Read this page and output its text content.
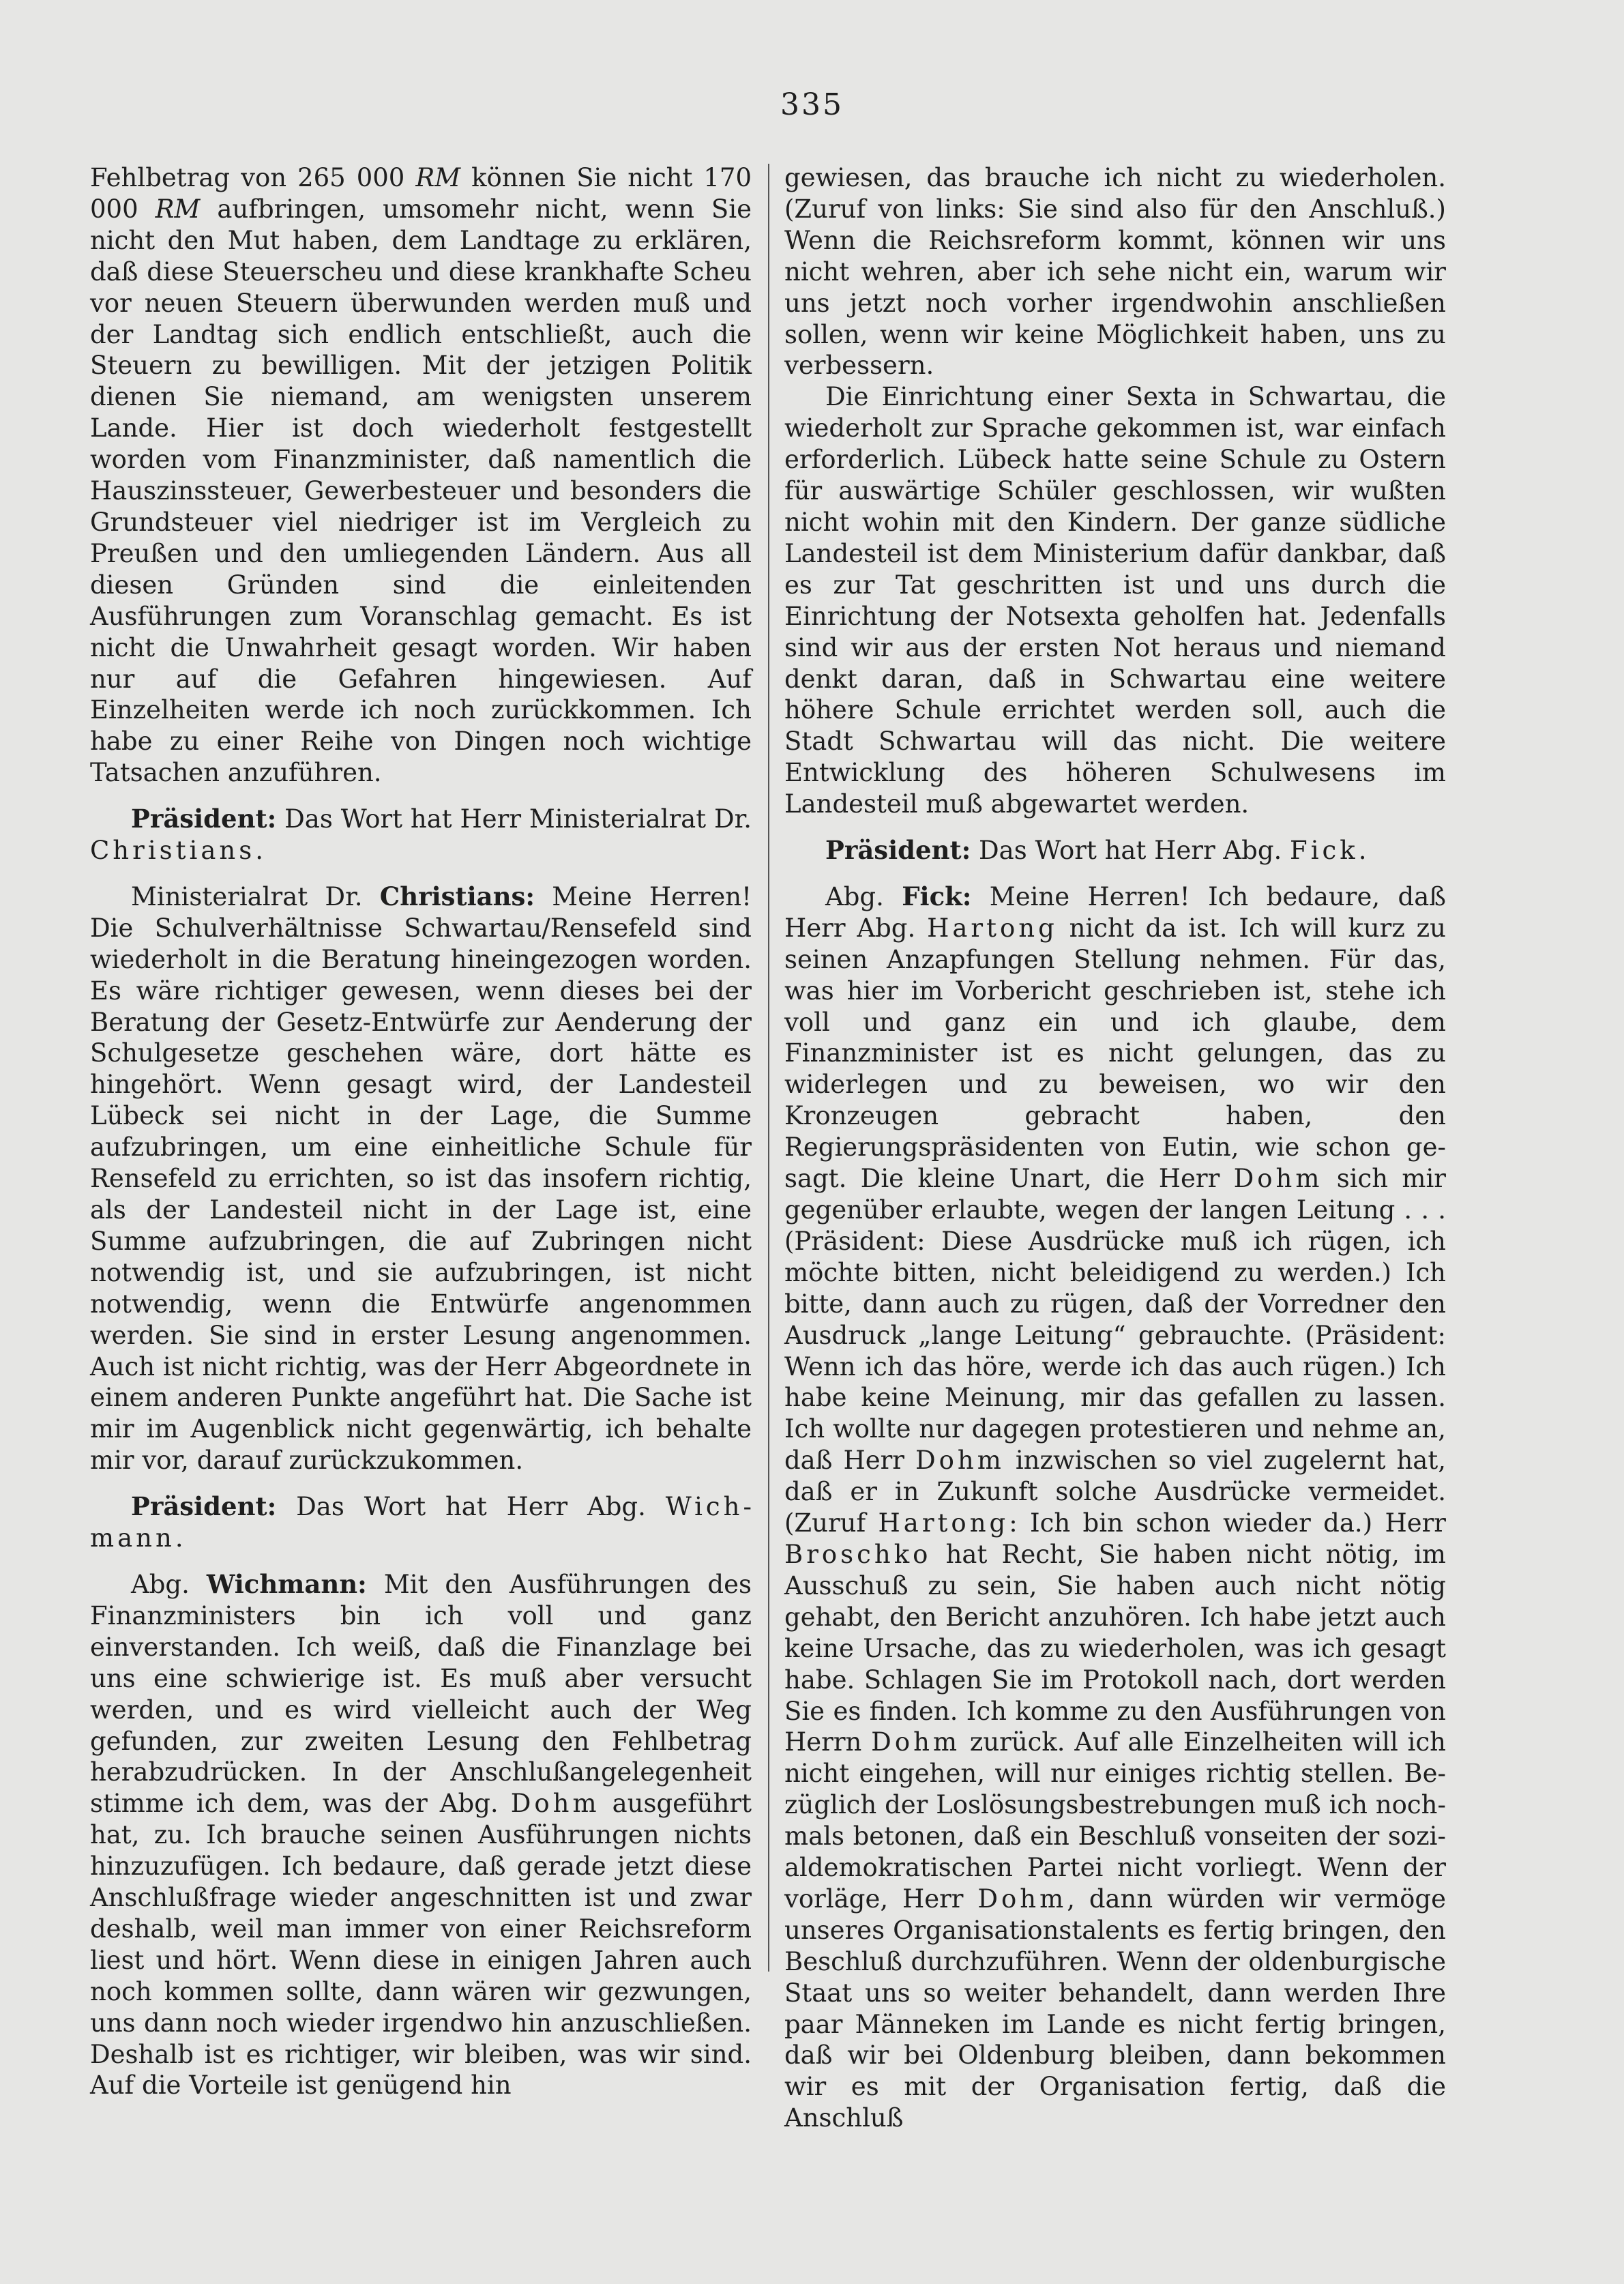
335

Fehlbetrag von 265 000 RM können Sie nicht 170 000 RM aufbringen, umsomehr nicht, wenn Sie nicht den Mut haben, dem Landtage zu erklären, daß diese Steuerscheu und diese krankhafte Scheu vor neuen Steuern überwunden werden muß und der Landtag sich endlich entschließt, auch die Steuern zu bewilligen. Mit der jetzigen Politik dienen Sie niemand, am wenigsten unserem Lande. Hier ist doch wiederholt festgestellt worden vom Finanzminister, daß namentlich die Hauszinssteuer, Gewerbesteuer und besonders die Grundsteuer viel niedriger ist im Vergleich zu Preußen und den umliegenden Ländern. Aus all diesen Gründen sind die einleitenden Ausführungen zum Voranschlag gemacht. Es ist nicht die Unwahrheit gesagt worden. Wir haben nur auf die Gefahren hingewiesen. Auf Einzelheiten werde ich noch zurückkommen. Ich habe zu einer Reihe von Dingen noch wichtige Tatsachen anzuführen.

Präsident: Das Wort hat Herr Ministerialrat Dr. Christians.

Ministerialrat Dr. Christians: Meine Herren! Die Schulverhältnisse Schwartau/Rensefeld sind wiederholt in die Beratung hineingezogen worden. Es wäre richtiger gewesen, wenn dieses bei der Beratung der Gesetz-Entwürfe zur Aenderung der Schulgesetze geschehen wäre, dort hätte es hingehört. Wenn gesagt wird, der Landesteil Lübeck sei nicht in der Lage, die Summe aufzubringen, um eine einheitliche Schule für Rensefeld zu errichten, so ist das insofern richtig, als der Landesteil nicht in der Lage ist, eine Summe aufzubringen, die auf Zubringen nicht notwendig ist, und sie aufzubringen, ist nicht notwendig, wenn die Entwürfe angenommen werden. Sie sind in erster Lesung angenommen. Auch ist nicht richtig, was der Herr Abgeordnete in einem anderen Punkte angeführt hat. Die Sache ist mir im Augenblick nicht gegenwärtig, ich behalte mir vor, darauf zurückzukommen.

Präsident: Das Wort hat Herr Abg. Wichmann.

Abg. Wichmann: Mit den Ausführungen des Finanzministers bin ich voll und ganz einverstanden. Ich weiß, daß die Finanzlage bei uns eine schwierige ist. Es muß aber versucht werden, und es wird vielleicht auch der Weg gefunden, zur zweiten Lesung den Fehlbetrag herabzudrücken. In der Anschlußangelegenheit stimme ich dem, was der Abg. Dohm ausgeführt hat, zu. Ich brauche seinen Ausführungen nichts hinzuzufügen. Ich bedaure, daß gerade jetzt diese Anschlußfrage wieder angeschnitten ist und zwar deshalb, weil man immer von einer Reichsreform liest und hört. Wenn diese in einigen Jahren auch noch kommen sollte, dann wären wir gezwungen, uns dann noch wieder irgendwo hin anzuschließen. Deshalb ist es richtiger, wir bleiben, was wir sind. Auf die Vorteile ist genügend hin

gewiesen, das brauche ich nicht zu wiederholen. (Zuruf von links: Sie sind also für den Anschluß.) Wenn die Reichsreform kommt, können wir uns nicht wehren, aber ich sehe nicht ein, warum wir uns jetzt noch vorher irgendwohin anschließen sollen, wenn wir keine Möglichkeit haben, uns zu verbessern.

Die Einrichtung einer Sexta in Schwartau, die wiederholt zur Sprache gekommen ist, war einfach erforderlich. Lübeck hatte seine Schule zu Ostern für auswärtige Schüler geschlossen, wir wußten nicht wohin mit den Kindern. Der ganze südliche Landesteil ist dem Ministerium dafür dankbar, daß es zur Tat geschritten ist und uns durch die Einrichtung der Notsexta geholfen hat. Jedenfalls sind wir aus der ersten Not heraus und niemand denkt daran, daß in Schwartau eine weitere höhere Schule errichtet werden soll, auch die Stadt Schwartau will das nicht. Die weitere Entwicklung des höheren Schulwesens im Landesteil muß abgewartet werden.

Präsident: Das Wort hat Herr Abg. Fick.

Abg. Fick: Meine Herren! Ich bedaure, daß Herr Abg. Hartong nicht da ist. Ich will kurz zu seinen Anzapfungen Stellung nehmen. Für das, was hier im Vorbericht geschrieben ist, stehe ich voll und ganz ein und ich glaube, dem Finanzminister ist es nicht gelungen, das zu widerlegen und zu beweisen, wo wir den Kronzeugen gebracht haben, den Regierungspräsidenten von Eutin, wie schon gesagt. Die kleine Unart, die Herr Dohm sich mir gegenüber erlaubte, wegen der langen Leitung . . . (Präsident: Diese Ausdrücke muß ich rügen, ich möchte bitten, nicht beleidigend zu werden.) Ich bitte, dann auch zu rügen, daß der Vorredner den Ausdruck „lange Leitung“ gebrauchte. (Präsident: Wenn ich das höre, werde ich das auch rügen.) Ich habe keine Meinung, mir das gefallen zu lassen. Ich wollte nur dagegen protestieren und nehme an, daß Herr Dohm inzwischen so viel zugelernt hat, daß er in Zukunft solche Ausdrücke vermeidet. (Zuruf Hartong: Ich bin schon wieder da.) Herr Broschko hat Recht, Sie haben nicht nötig, im Ausschuß zu sein, Sie haben auch nicht nötig gehabt, den Bericht anzuhören. Ich habe jetzt auch keine Ursache, das zu wiederholen, was ich gesagt habe. Schlagen Sie im Protokoll nach, dort werden Sie es finden. Ich komme zu den Ausführungen von Herrn Dohm zurück. Auf alle Einzelheiten will ich nicht eingehen, will nur einiges richtig stellen. Bezüglich der Loslösungsbestrebungen muß ich nochmals betonen, daß ein Beschluß vonseiten der sozialdemokratischen Partei nicht vorliegt. Wenn der vorläge, Herr Dohm, dann würden wir vermöge unseres Organisationstalents es fertig bringen, den Beschluß durchzuführen. Wenn der oldenburgische Staat uns so weiter behandelt, dann werden Ihre paar Männeken im Lande es nicht fertig bringen, daß wir bei Oldenburg bleiben, dann bekommen wir es mit der Organisation fertig, daß die Anschluß
